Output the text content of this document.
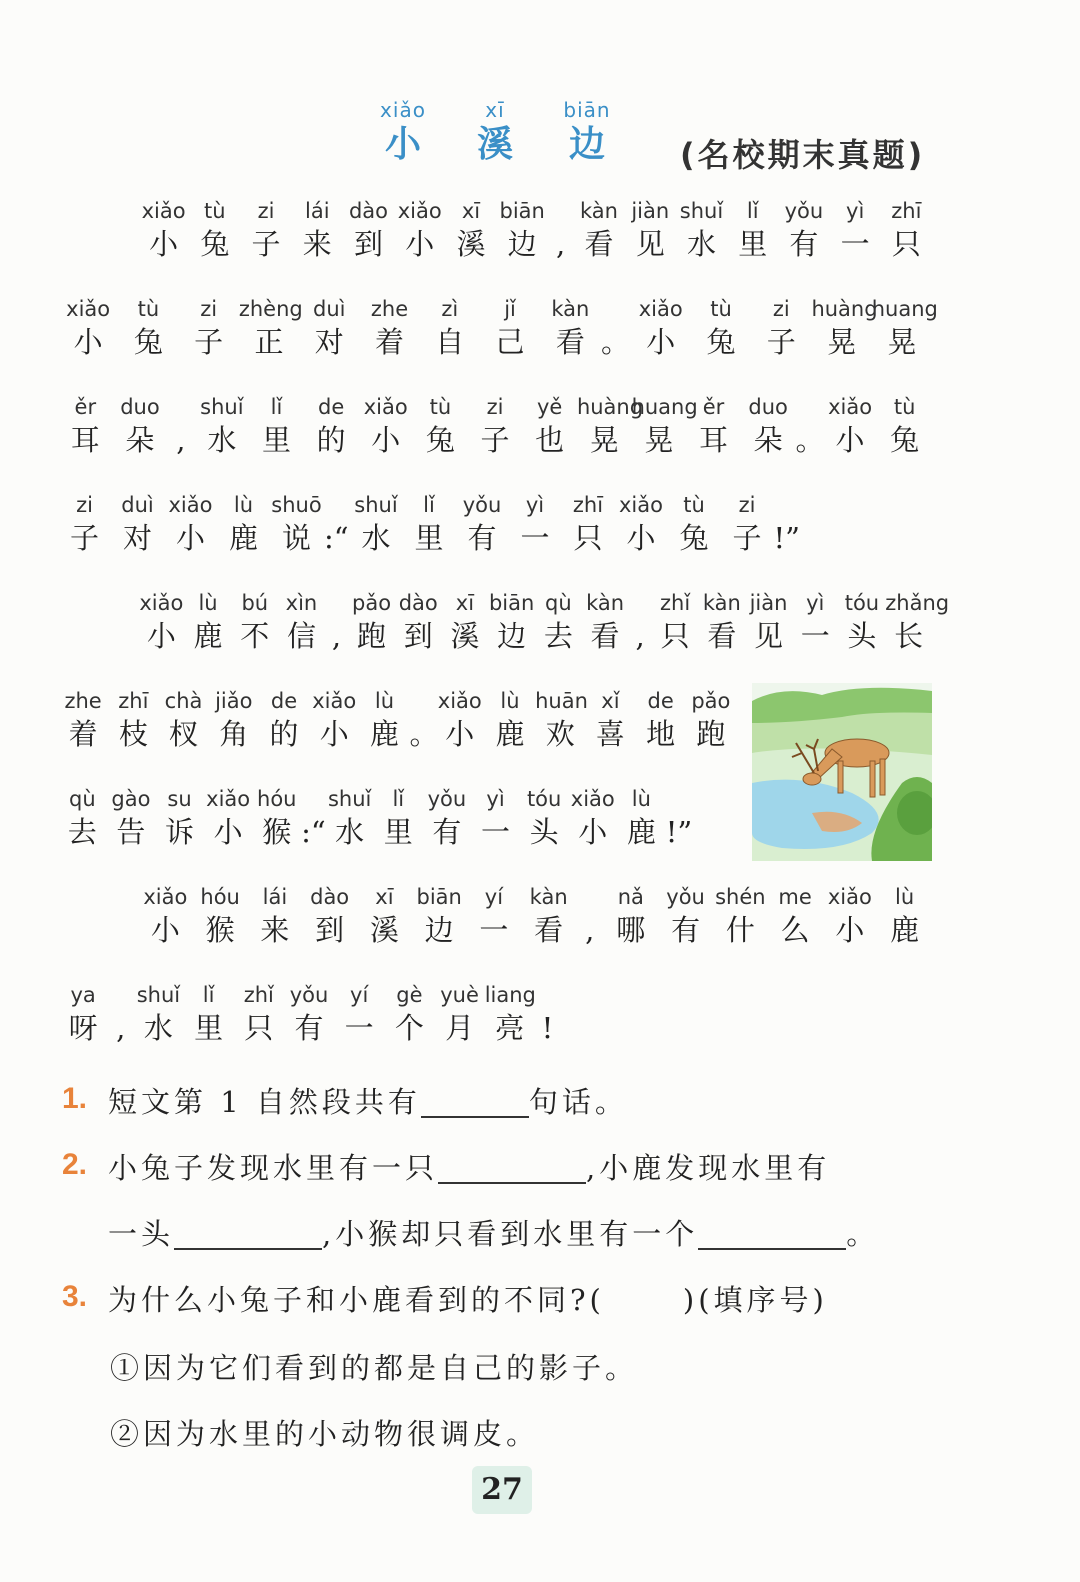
xiǎo
小
xī
溪
biān
边	(名校期末真题)
xiǎo
小
tù
兔
zi
子
lái
来
dào
到
xiǎo
小
xī
溪
biān
边 ,
kàn
看
jiàn
见
shuǐ
水
lǐ
里
yǒu
有
yì
一
zhī
只
xiǎo
小
tù
兔
zi
子
zhèng
正
duì
对
zhe
着
zì
自
jǐ
己
kàn
看 。
xiǎo
小
tù
兔
zi
子
huàng
晃
huang
晃
ěr
耳
duo
朵 ,
shuǐ
水
lǐ
里
de
的
xiǎo
小
tù
兔
zi
子
yě
也
huàng
晃
huang
晃
ěr
耳
duo
朵 。
xiǎo
小
tù
兔
zi
子
duì
对
xiǎo
小
lù
鹿
shuō
说 :“
shuǐ
水
lǐ
里
yǒu
有
yì
一
zhī
只
xiǎo
小
tù
兔
zi
子 !”
xiǎo
小
lù
鹿
bú
不
xìn
信 ,
pǎo
跑
dào
到
xī
溪
biān
边
qù
去
kàn
看 ,
zhǐ
只
kàn
看
jiàn
见
yì
一
tóu
头
zhǎng
长
zhe
着
zhī
枝
chà
杈
jiǎo
角
de
的
xiǎo
小
lù
鹿 。
xiǎo
小
lù
鹿
huān
欢
xǐ
喜
de
地
pǎo
跑
qù
去
gào
告
su
诉
xiǎo
小
hóu
猴 :“
shuǐ
水
lǐ
里
yǒu
有
yì
一
tóu
头
xiǎo
小
lù
鹿 !”
xiǎo
小
hóu
猴
lái
来
dào
到
xī
溪
biān
边
yí
一
kàn
看 ,
nǎ
哪
yǒu
有
shén
什
me
么
xiǎo
小
lù
鹿
ya
呀 ,
shuǐ
水
lǐ
里
zhǐ
只
yǒu
有
yí
一
gè
个
yuè
月
liang
亮 !
1. 短文第 1 自然段共有	句话。
2. 小兔子发现水里有一只	,小鹿发现水里有
一头	,小猴却只看到水里有一个	。
3. 为什么小兔子和小鹿看到的不同?(	)(填序号)
①因为它们看到的都是自己的影子。
②因为水里的小动物很调皮。
27
